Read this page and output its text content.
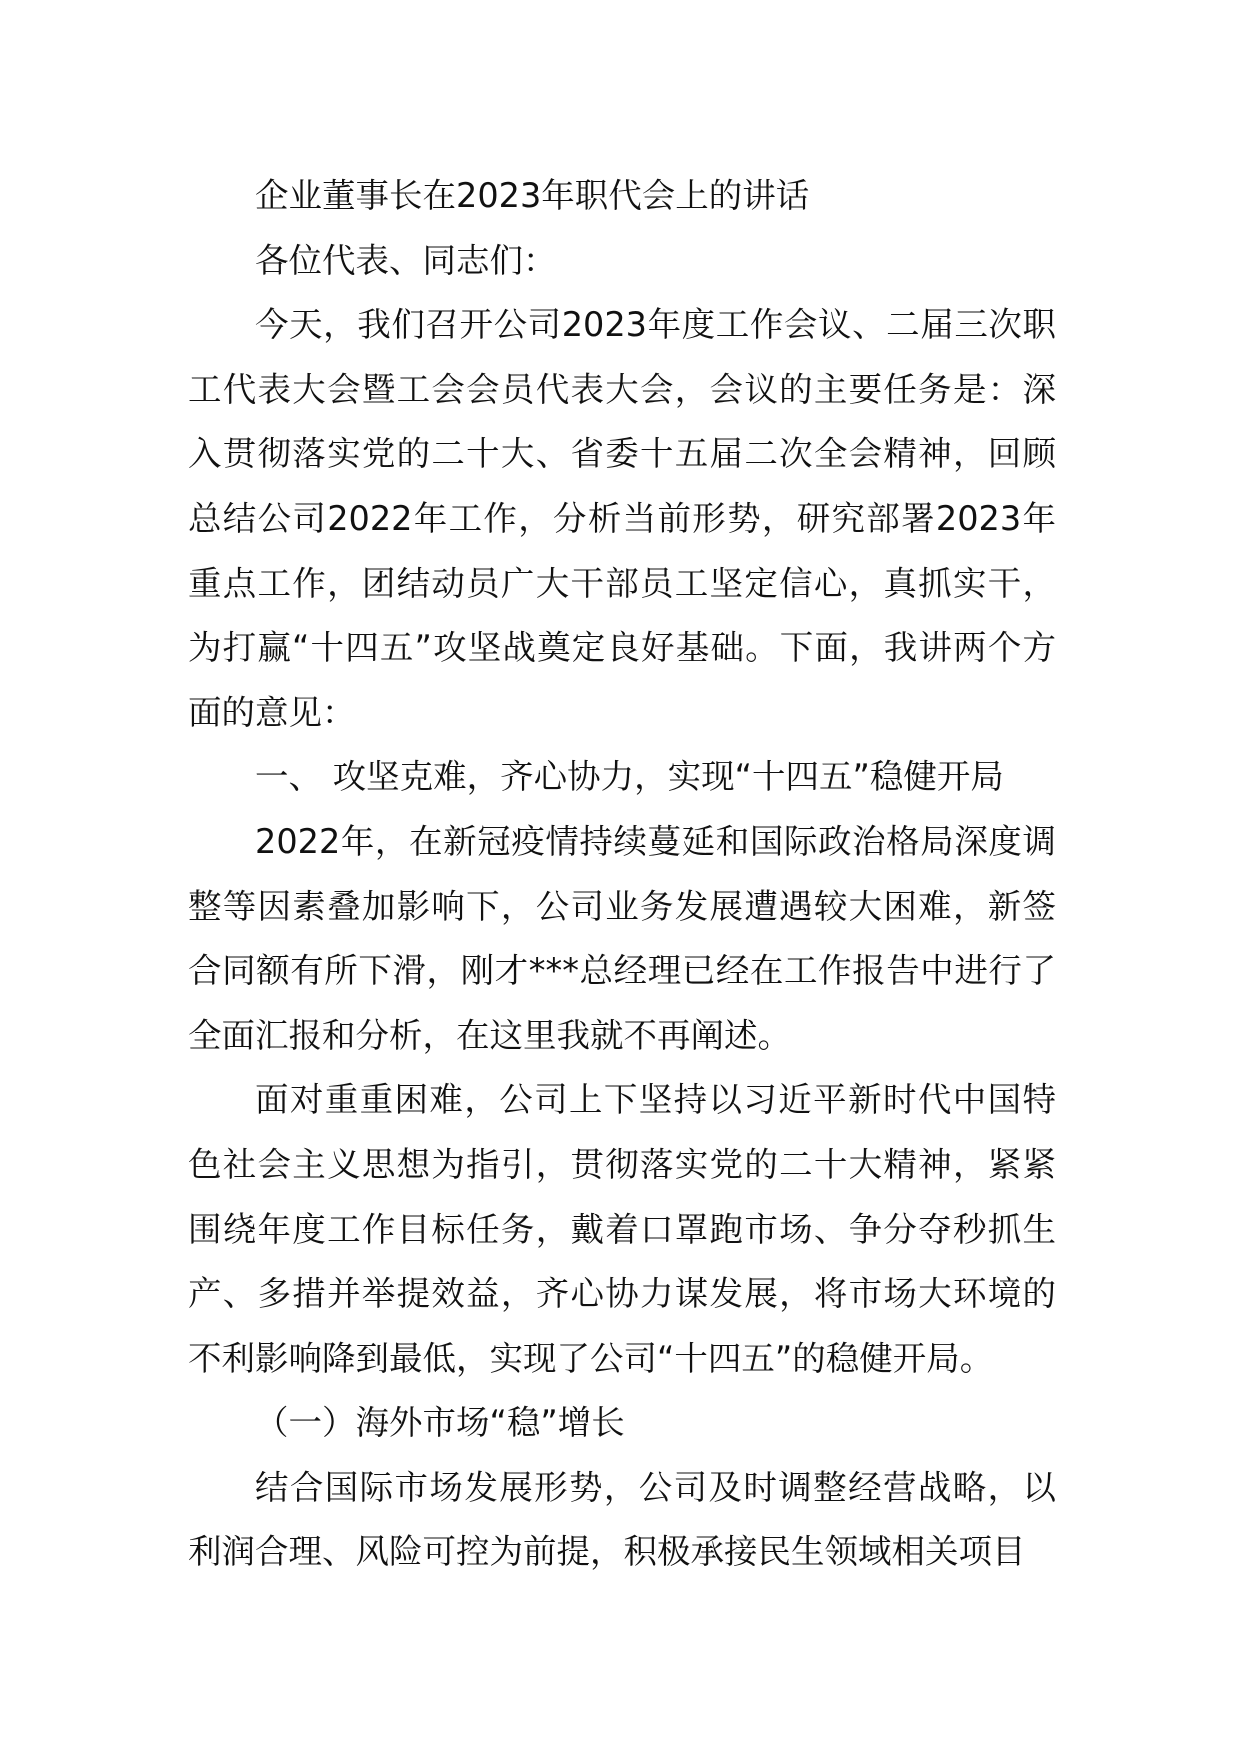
企业董事长在2023年职代会上的讲话

各位代表、同志们：

今天，我们召开公司2023年度工作会议、二届三次职工代表大会暨工会会员代表大会，会议的主要任务是：深入贯彻落实党的二十大、省委十五届二次全会精神，回顾总结公司2022年工作，分析当前形势，研究部署2023年重点工作，团结动员广大干部员工坚定信心，真抓实干，为打赢“十四五”攻坚战奠定良好基础。下面，我讲两个方面的意见：

一、 攻坚克难，齐心协力，实现“十四五”稳健开局

2022年，在新冠疫情持续蔓延和国际政治格局深度调整等因素叠加影响下，公司业务发展遭遇较大困难，新签合同额有所下滑，刚才***总经理已经在工作报告中进行了全面汇报和分析，在这里我就不再阐述。

面对重重困难，公司上下坚持以习近平新时代中国特色社会主义思想为指引，贯彻落实党的二十大精神，紧紧围绕年度工作目标任务，戴着口罩跑市场、争分夺秒抓生产、多措并举提效益，齐心协力谋发展，将市场大环境的不利影响降到最低，实现了公司“十四五”的稳健开局。

（一）海外市场“稳”增长

结合国际市场发展形势，公司及时调整经营战略，以利润合理、风险可控为前提，积极承接民生领域相关项目
